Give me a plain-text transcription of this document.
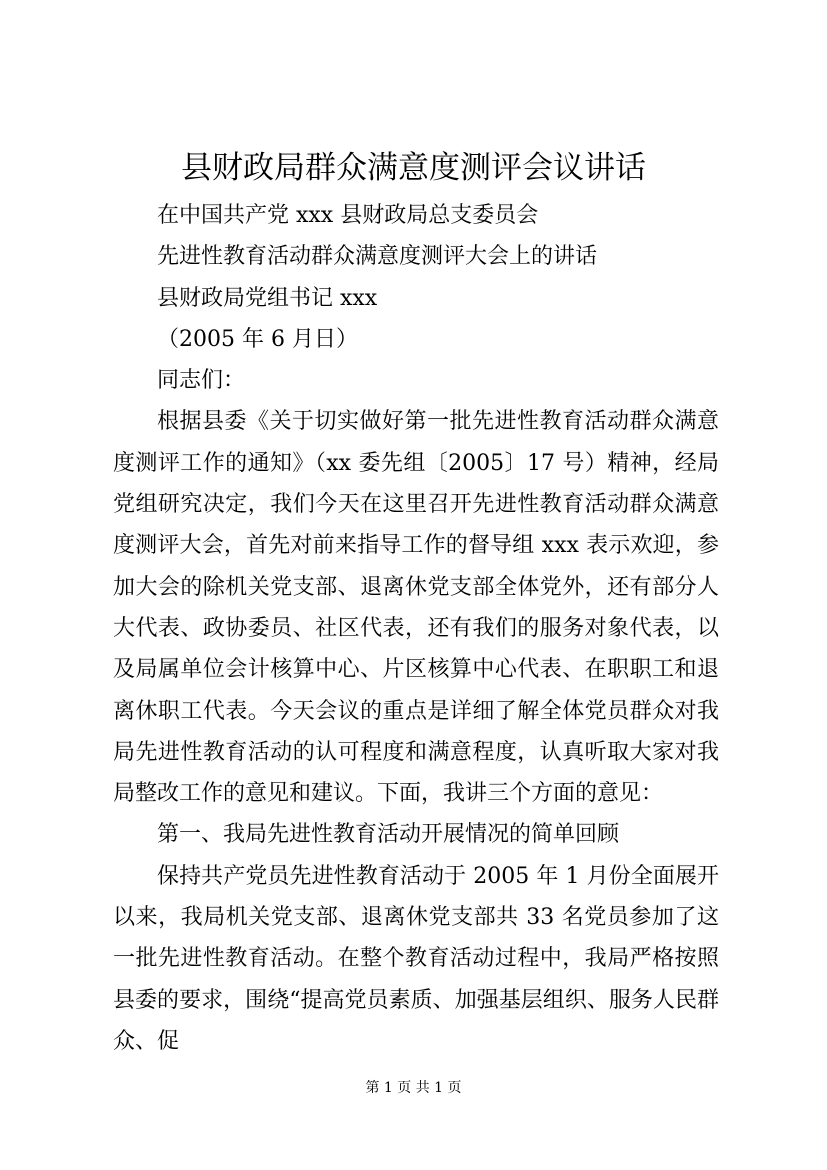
县财政局群众满意度测评会议讲话

在中国共产党 xxx 县财政局总支委员会

先进性教育活动群众满意度测评大会上的讲话

县财政局党组书记 xxx

（2005 年 6 月日）

同志们：

根据县委《关于切实做好第一批先进性教育活动群众满意度测评工作的通知》（xx 委先组〔2005〕17 号）精神，经局党组研究决定，我们今天在这里召开先进性教育活动群众满意度测评大会，首先对前来指导工作的督导组 xxx 表示欢迎，参加大会的除机关党支部、退离休党支部全体党外，还有部分人大代表、政协委员、社区代表，还有我们的服务对象代表，以及局属单位会计核算中心、片区核算中心代表、在职职工和退离休职工代表。今天会议的重点是详细了解全体党员群众对我局先进性教育活动的认可程度和满意程度，认真听取大家对我局整改工作的意见和建议。下面，我讲三个方面的意见：

第一、我局先进性教育活动开展情况的简单回顾

保持共产党员先进性教育活动于 2005 年 1 月份全面展开以来，我局机关党支部、退离休党支部共 33 名党员参加了这一批先进性教育活动。在整个教育活动过程中，我局严格按照县委的要求，围绕“提高党员素质、加强基层组织、服务人民群众、促

第 1 页 共 1 页
